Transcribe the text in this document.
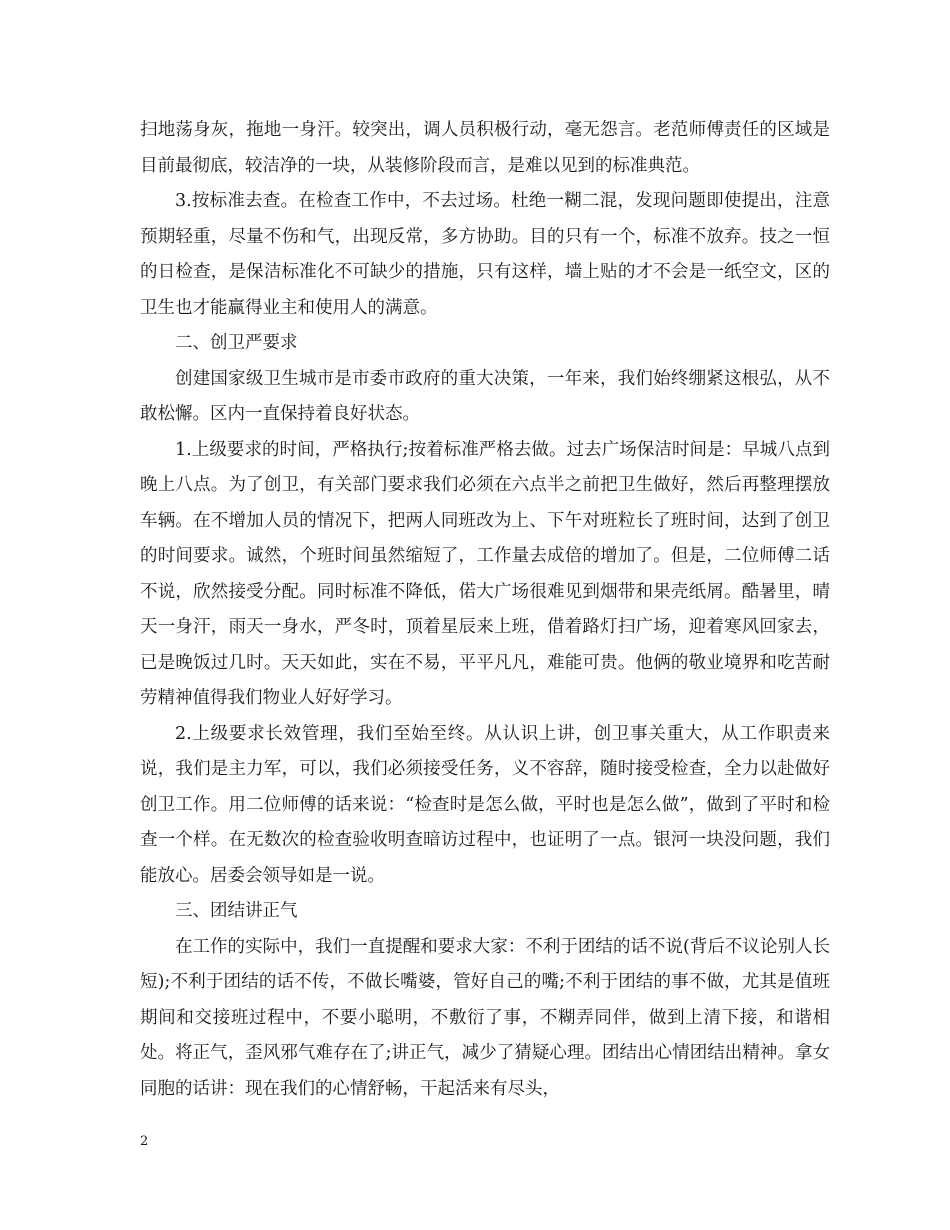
扫地荡身灰，拖地一身汗。较突出，调人员积极行动，毫无怨言。老范师傅责任的区域是目前最彻底，较洁净的一块，从装修阶段而言，是难以见到的标准典范。

3.按标准去查。在检查工作中，不去过场。杜绝一糊二混，发现问题即使提出，注意预期轻重，尽量不伤和气，出现反常，多方协助。目的只有一个，标准不放弃。技之一恒的日检查，是保洁标准化不可缺少的措施，只有这样，墙上贴的才不会是一纸空文，区的卫生也才能赢得业主和使用人的满意。

二、创卫严要求

创建国家级卫生城市是市委市政府的重大决策，一年来，我们始终绷紧这根弘，从不敢松懈。区内一直保持着良好状态。

1.上级要求的时间，严格执行;按着标准严格去做。过去广场保洁时间是：早城八点到晚上八点。为了创卫，有关部门要求我们必须在六点半之前把卫生做好，然后再整理摆放车辆。在不增加人员的情况下，把两人同班改为上、下午对班粒长了班时间，达到了创卫的时间要求。诚然，个班时间虽然缩短了，工作量去成倍的增加了。但是，二位师傅二话不说，欣然接受分配。同时标准不降低，偌大广场很难见到烟带和果壳纸屑。酷暑里，晴天一身汗，雨天一身水，严冬时，顶着星辰来上班，借着路灯扫广场，迎着寒风回家去，已是晚饭过几时。天天如此，实在不易，平平凡凡，难能可贵。他俩的敬业境界和吃苦耐劳精神值得我们物业人好好学习。

2.上级要求长效管理，我们至始至终。从认识上讲，创卫事关重大，从工作职责来说，我们是主力军，可以，我们必须接受任务，义不容辞，随时接受检查，全力以赴做好创卫工作。用二位师傅的话来说：“检查时是怎么做，平时也是怎么做”，做到了平时和检查一个样。在无数次的检查验收明查暗访过程中，也证明了一点。银河一块没问题，我们能放心。居委会领导如是一说。

三、团结讲正气

在工作的实际中，我们一直提醒和要求大家：不利于团结的话不说(背后不议论别人长短);不利于团结的话不传，不做长嘴婆，管好自己的嘴;不利于团结的事不做，尤其是值班期间和交接班过程中，不要小聪明，不敷衍了事，不糊弄同伴，做到上清下接，和谐相处。将正气，歪风邪气难存在了;讲正气，减少了猜疑心理。团结出心情团结出精神。拿女同胞的话讲：现在我们的心情舒畅，干起活来有尽头，

2
